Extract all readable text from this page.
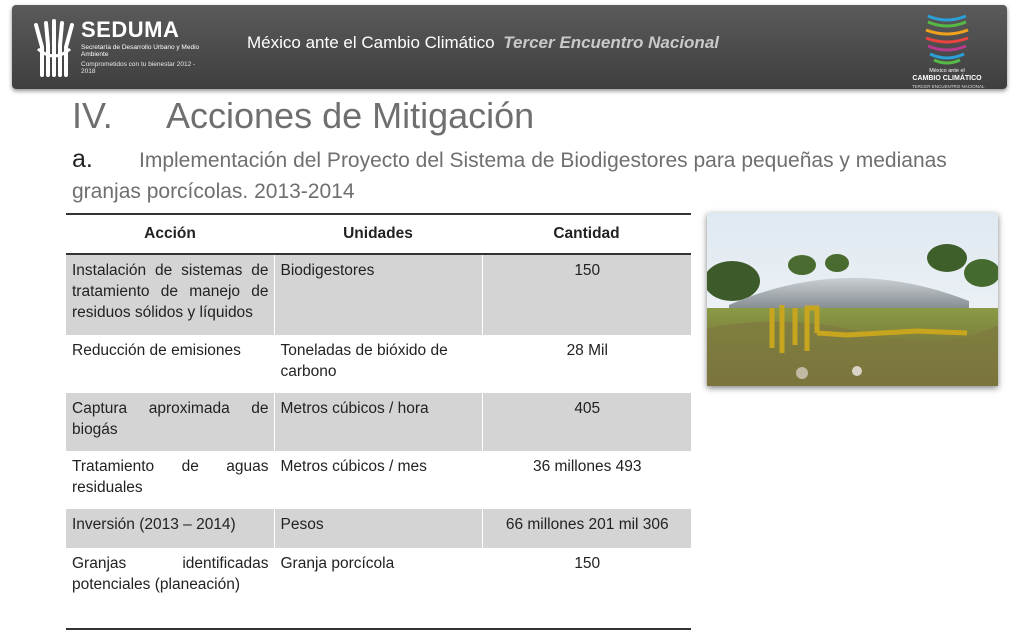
SEDUMA
Secretaría de Desarrollo Urbano y Medio Ambiente
Comprometidos con tu bienestar 2012 - 2018
México ante el Cambio Climático Tercer Encuentro Nacional
México ante el
CAMBIO CLIMÁTICO
TERCER ENCUENTRO NACIONAL
IV. Acciones de Mitigación
a. Implementación del Proyecto del Sistema de Biodigestores para pequeñas y medianas granjas porcícolas. 2013-2014
Acción	Unidades	Cantidad
Instalación de sistemas de tratamiento de manejo de residuos sólidos y líquidos	Biodigestores	150
Reducción de emisiones	Toneladas de bióxido de carbono	28 Mil
Captura aproximada de biogás	Metros cúbicos / hora	405
Tratamiento de aguas residuales	Metros cúbicos / mes	36 millones 493
Inversión (2013 – 2014)	Pesos	66 millones 201 mil 306
Granjas identificadas potenciales (planeación)	Granja porcícola	150
